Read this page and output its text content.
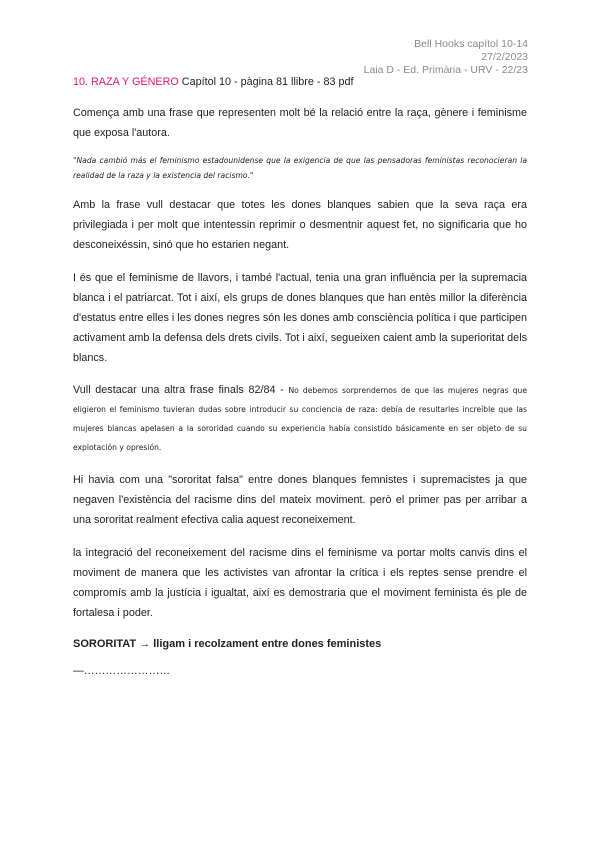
Bell Hooks capítol 10-14
27/2/2023
Laia D - Ed. Primària - URV - 22/23
10. RAZA Y GÉNERO Capítol 10 - pàgina 81 llibre - 83 pdf

Comença amb una frase que representen molt bé la relació entre la raça, gènere i feminisme que exposa l'autora.

"Nada cambió más el feminismo estadounidense que la exigencia de que las pensadoras feministas reconocieran la realidad de la raza y la existencia del racismo."

Amb la frase vull destacar que totes les dones blanques sabien que la seva raça era privilegiada i per molt que intentessin reprimir o desmentnir aquest fet, no significaria que ho desconeixéssin, sinó que ho estarien negant.

I és que el feminisme de llavors, i també l'actual, tenia una gran influència per la supremacia blanca i el patriarcat. Tot i així, els grups de dones blanques que han entès millor la diferència d'estatus entre elles i les dones negres són les dones amb consciència política i que participen activament amb la defensa dels drets civils. Tot i així, segueixen caient amb la superioritat dels blancs.

Vull destacar una altra frase finals 82/84 - No debemos sorprendernos de que las mujeres negras que eligieron el feminismo tuvieran dudas sobre introducir su conciencia de raza: debía de resultarles increíble que las mujeres blancas apelasen a la sororidad cuando su experiencia había consistido básicamente en ser objeto de su explotación y opresión.

Hi havia com una "sororitat falsa" entre dones blanques femnistes i supremacistes ja que negaven l'existència del racisme dins del mateix moviment. però el primer pas per arribar a una sororitat realment efectiva calia aquest reconeixement.

la integració del reconeixement del racisme dins el feminisme va portar molts canvis dins el moviment de manera que les activistes van afrontar la crítica i els reptes sense prendre el compromís amb la justícia i igualtat, així es demostraria que el moviment feminista és ple de fortalesa i poder.

SORORITAT → lligam i recolzament entre dones feministes
—……………………
